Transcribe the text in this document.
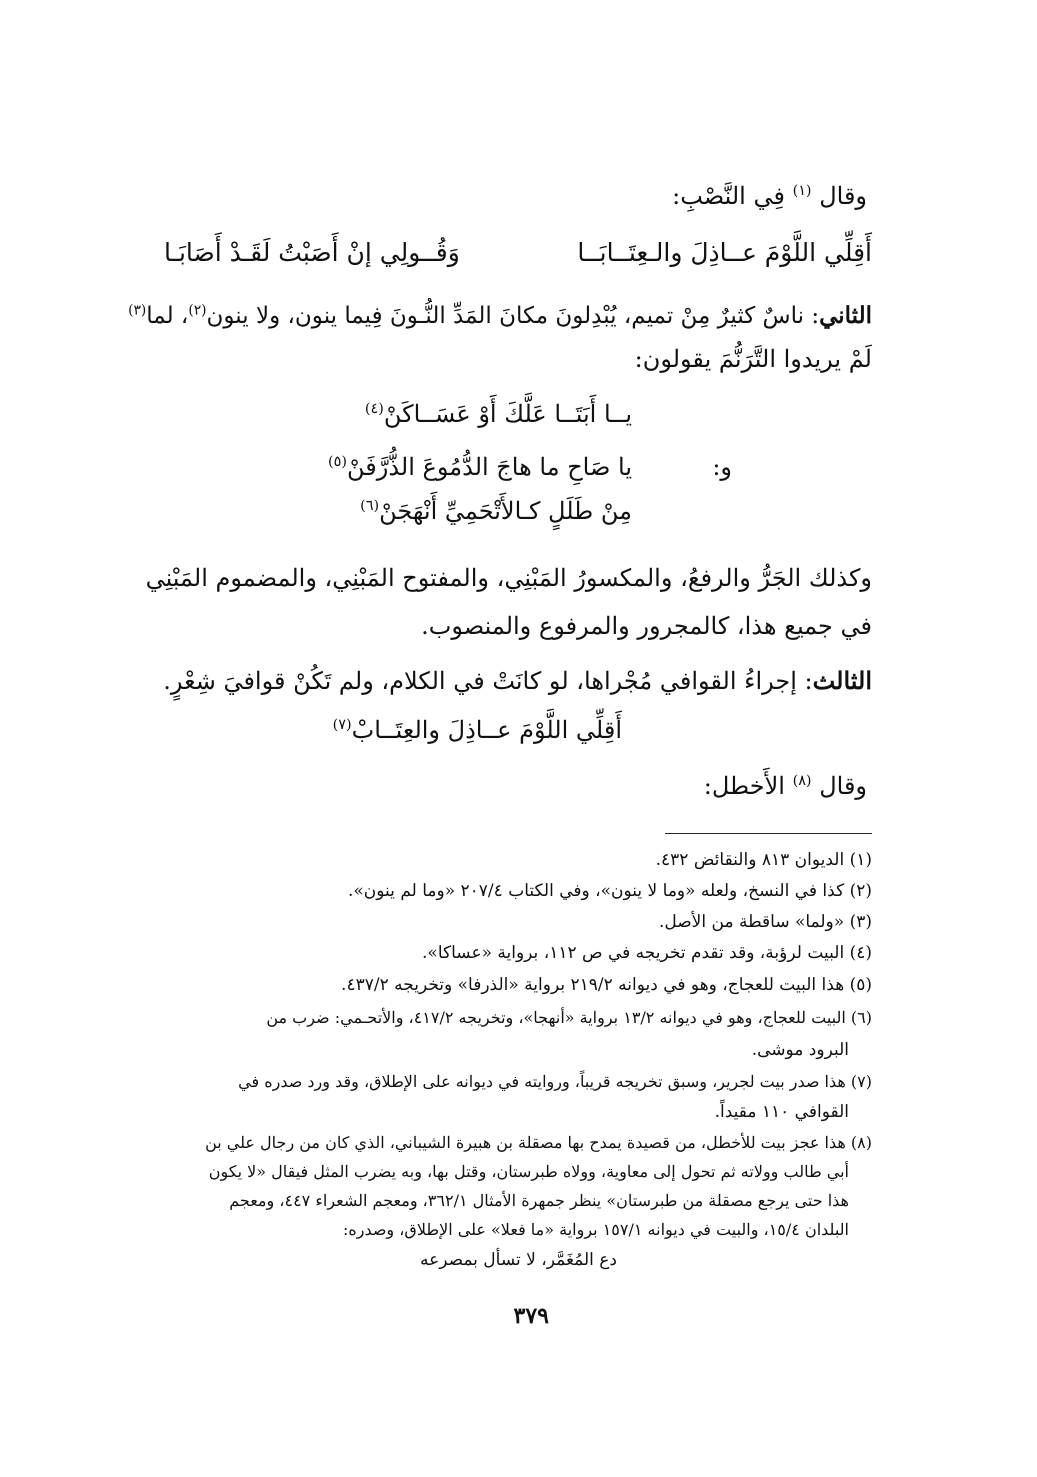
وقال $^{(١)}$ فِي النَّصْبِ:
أَقِلِّي اللَّوْمَ عــاذِلَ والـعِتَــابَــا
وَقُــولِي إنْ أَصَبْتُ لَقَـدْ أَصَابَـا
الثاني: ناسٌ كثيرٌ مِنْ تميم، يُبْدِلونَ مكانَ المَدِّ النُّـونَ فِيما ينون، ولا ينون$^{(٢)}$، لما$^{(٣)}$
لَمْ يريدوا التَّرَنُّمَ يقولون:
يــا أَبَتَــا عَلَّكَ أَوْ عَسَــاكَنْ$^{(٤)}$
و:
يا صَاحِ ما هاجَ الدُّمُوعَ الذُّرَّفَنْ$^{(٥)}$
مِنْ طَلَلٍ كـالأَتْحَمِيِّ أَنْهَجَنْ$^{(٦)}$
وكذلك الجَرُّ والرفعُ، والمكسورُ المَبْنِي، والمفتوح المَبْنِي، والمضموم المَبْنِي
في جميع هذا، كالمجرور والمرفوع والمنصوب.
الثالث: إجراءُ القوافي مُجْراها، لو كانَتْ في الكلام، ولم تَكُنْ قوافيَ شِعْرٍ.
أَقِلِّي اللَّوْمَ عــاذِلَ والعِتَــابْ$^{(٧)}$
وقال $^{(٨)}$ الأَخطل:
(١) الديوان ٨١٣ والنقائض ٤٣٢.
(٢) كذا في النسخ، ولعله «وما لا ينون»، وفي الكتاب ٢٠٧/٤ «وما لم ينون».
(٣) «ولما» ساقطة من الأصل.
(٤) البيت لرؤبة، وقد تقدم تخريجه في ص ١١٢، برواية «عساكا».
(٥) هذا البيت للعجاج، وهو في ديوانه ٢١٩/٢ برواية «الذرفا» وتخريجه ٤٣٧/٢.
(٦) البيت للعجاج، وهو في ديوانه ١٣/٢ برواية «أنهجا»، وتخريجه ٤١٧/٢، والأتحـمي: ضرب من
البرود موشى.
(٧) هذا صدر بيت لجرير، وسبق تخريجه قريباً، وروايته في ديوانه على الإطلاق، وقد ورد صدره في
القوافي ١١٠ مقيداً.
(٨) هذا عجز بيت للأخطل، من قصيدة يمدح بها مصقلة بن هبيرة الشيباني، الذي كان من رجال علي بن
أبي طالب وولاته ثم تحول إلى معاوية، وولاه طبرستان، وقتل بها، وبه يضرب المثل فيقال «لا يكون
هذا حتى يرجع مصقلة من طبرستان» ينظر جمهرة الأمثال ٣٦٢/١، ومعجم الشعراء ٤٤٧، ومعجم
البلدان ١٥/٤، والبيت في ديوانه ١٥٧/١ برواية «ما فعلا» على الإطلاق، وصدره:
دع المُغَمَّر، لا تسأل بمصرعه
٣٧٩
